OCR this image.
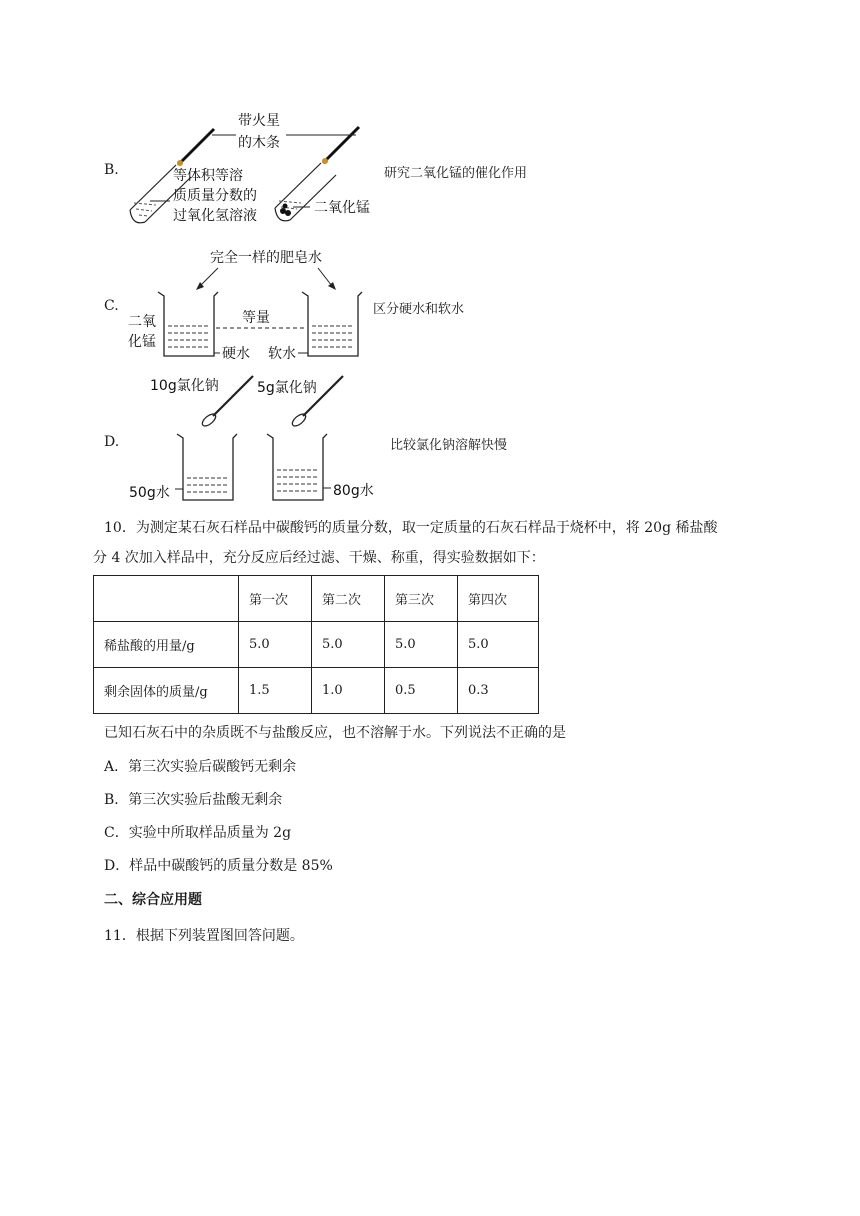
B.
带火星
的木条
等体积等溶
质质量分数的
过氧化氢溶液	二氧化锰
研究二氧化锰的催化作用
C.
完全一样的肥皂水
等量
二氧
化锰
硬水 软水
区分硬水和软水
D.
10g氯化钠	5g氯化钠
50g水	80g水
比较氯化钠溶解快慢
10．为测定某石灰石样品中碳酸钙的质量分数，取一定质量的石灰石样品于烧杯中，将 20g 稀盐酸
分 4 次加入样品中，充分反应后经过滤、干燥、称重，得实验数据如下：
	第一次	第二次	第三次	第四次
稀盐酸的用量/g	5.0	5.0	5.0	5.0
剩余固体的质量/g	1.5	1.0	0.5	0.3
已知石灰石中的杂质既不与盐酸反应，也不溶解于水。下列说法不正确的是
A．第三次实验后碳酸钙无剩余
B．第三次实验后盐酸无剩余
C．实验中所取样品质量为 2g
D．样品中碳酸钙的质量分数是 85%
二、综合应用题
11．根据下列装置图回答问题。
